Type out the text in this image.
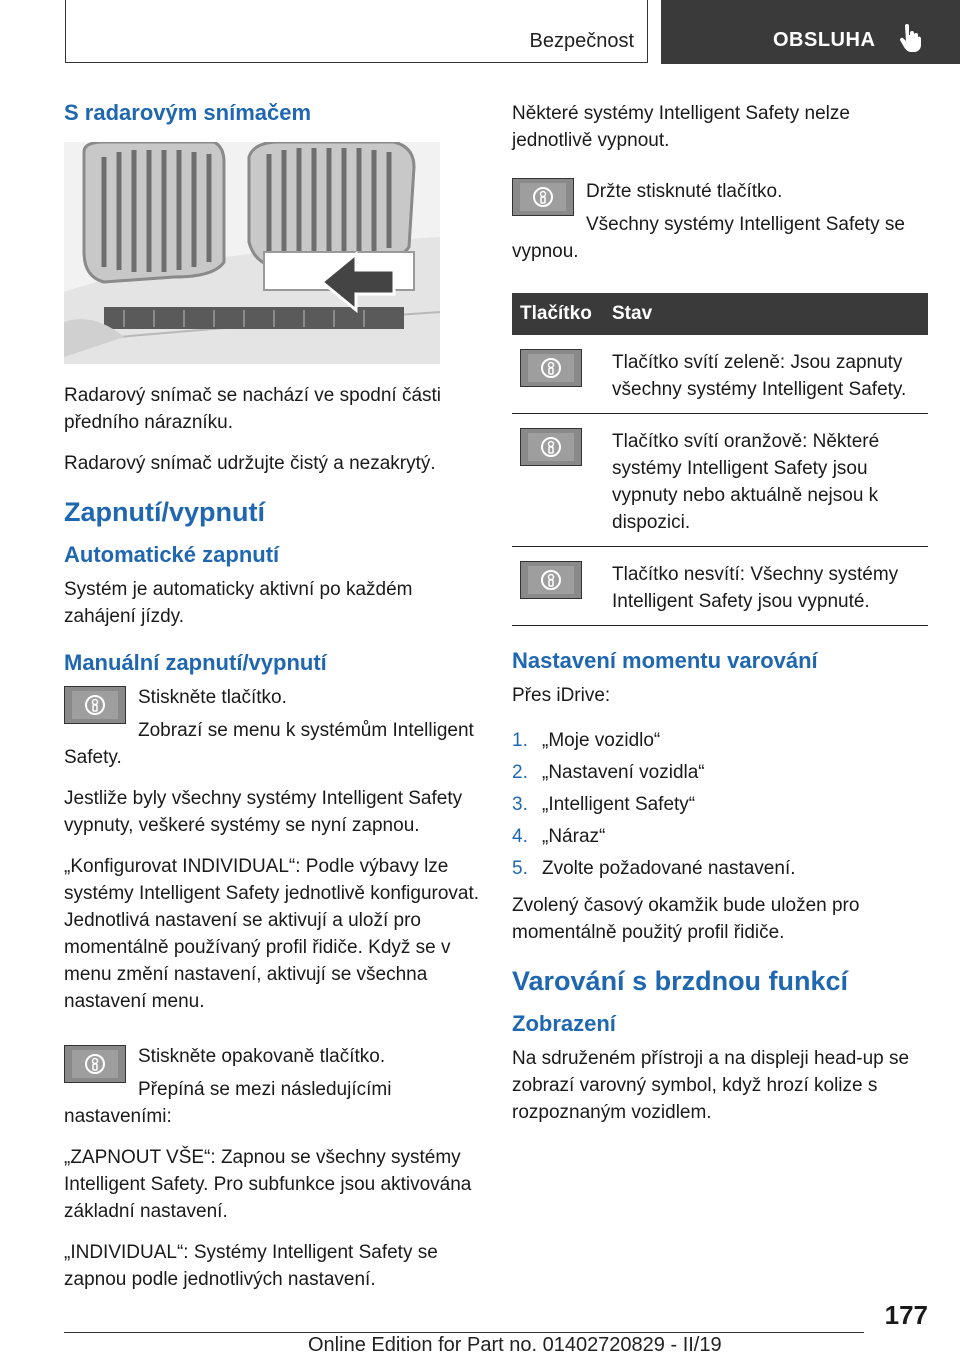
Bezpečnost	OBSLUHA
S radarovým snímačem

Radarový snímač se nachází ve spodní části předního nárazníku.

Radarový snímač udržujte čistý a nezakrytý.

Zapnutí/vypnutí
Automatické zapnutí

Systém je automaticky aktivní po každém zahájení jízdy.

Manuální zapnutí/vypnutí

Stiskněte tlačítko.

Zobrazí se menu k systémům Intelligent Safety.

Jestliže byly všechny systémy Intelligent Safety vypnuty, veškeré systémy se nyní zapnou.

„Konfigurovat INDIVIDUAL“: Podle výbavy lze systémy Intelligent Safety jednotlivě konfigurovat. Jednotlivá nastavení se aktivují a uloží pro momentálně používaný profil řidiče. Když se v menu změní nastavení, aktivují se všechna nastavení menu.

Stiskněte opakovaně tlačítko.

Přepíná se mezi následujícími nastaveními:

„ZAPNOUT VŠE“: Zapnou se všechny systémy Intelligent Safety. Pro subfunkce jsou aktivována základní nastavení.

„INDIVIDUAL“: Systémy Intelligent Safety se zapnou podle jednotlivých nastavení.

Některé systémy Intelligent Safety nelze jednotlivě vypnout.

Držte stisknuté tlačítko.

Všechny systémy Intelligent Safety se vypnou.

Tlačítko	Stav

	Tlačítko svítí zeleně: Jsou zapnuty všechny systémy Intelligent Safety.

	Tlačítko svítí oranžově: Některé systémy Intelligent Safety jsou vypnuty nebo aktuálně nejsou k dispozici.

	Tlačítko nesvítí: Všechny systémy Intelligent Safety jsou vypnuté.
Nastavení momentu varování

Přes iDrive:

1. „Moje vozidlo“
2. „Nastavení vozidla“
3. „Intelligent Safety“
4. „Náraz“
5. Zvolte požadované nastavení.

Zvolený časový okamžik bude uložen pro momentálně použitý profil řidiče.

Varování s brzdnou funkcí
Zobrazení

Na sdruženém přístroji a na displeji head-up se zobrazí varovný symbol, když hrozí kolize s rozpoznaným vozidlem.

177
Online Edition for Part no. 01402720829 - II/19
